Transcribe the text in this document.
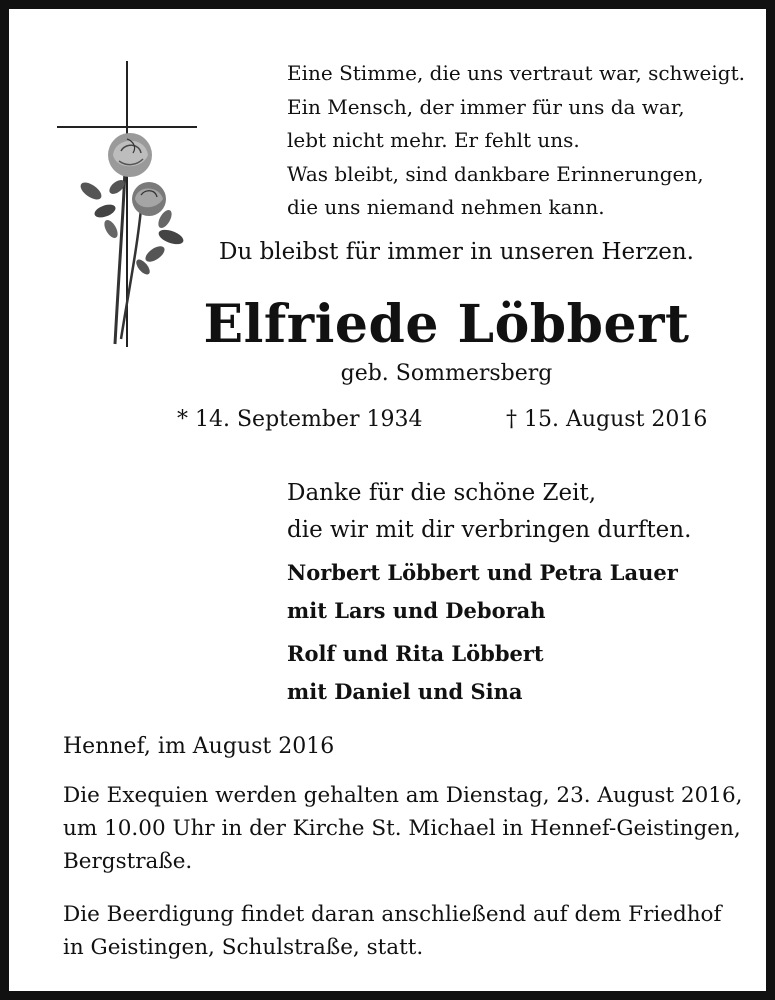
Eine Stimme, die uns vertraut war, schweigt.
Ein Mensch, der immer für uns da war,
lebt nicht mehr. Er fehlt uns.
Was bleibt, sind dankbare Erinnerungen,
die uns niemand nehmen kann.

Du bleibst für immer in unseren Herzen.

Elfriede Löbbert

geb. Sommersberg

* 14. September 1934	† 15. August 2016

Danke für die schöne Zeit,
die wir mit dir verbringen durften.

Norbert Löbbert und Petra Lauer
mit Lars und Deborah

Rolf und Rita Löbbert
mit Daniel und Sina

Hennef, im August 2016

Die Exequien werden gehalten am Dienstag, 23. August 2016,
um 10.00 Uhr in der Kirche St. Michael in Hennef-Geistingen,
Bergstraße.

Die Beerdigung findet daran anschließend auf dem Friedhof
in Geistingen, Schulstraße, statt.
